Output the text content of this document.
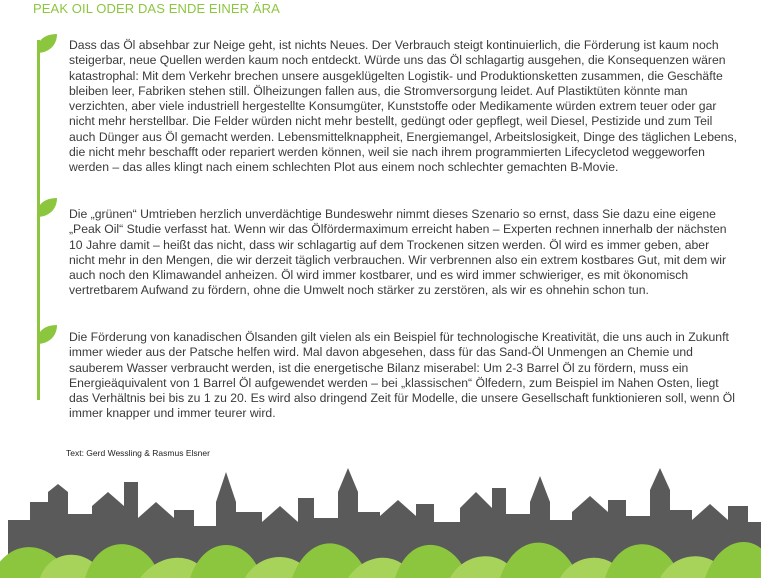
PEAK OIL ODER DAS ENDE EINER ÄRA

Dass das Öl absehbar zur Neige geht, ist nichts Neues. Der Verbrauch steigt kontinuierlich, die Förderung ist kaum noch steigerbar, neue Quellen werden kaum noch entdeckt. Würde uns das Öl schlagartig ausgehen, die Konsequenzen wären katastrophal: Mit dem Verkehr brechen unsere ausgeklügelten Logistik- und Produktionsketten zusammen, die Geschäfte bleiben leer, Fabriken stehen still. Ölheizungen fallen aus, die Stromversorgung leidet. Auf Plastiktüten könnte man verzichten, aber viele industriell hergestellte Konsumgüter, Kunststoffe oder Medikamente würden extrem teuer oder gar nicht mehr herstellbar. Die Felder würden nicht mehr bestellt, gedüngt oder gepflegt, weil Diesel, Pestizide und zum Teil auch Dünger aus Öl gemacht werden. Lebensmittelknappheit, Energiemangel, Arbeitslosigkeit, Dinge des täglichen Lebens, die nicht mehr beschafft oder repariert werden können, weil sie nach ihrem programmierten Lifecycletod weggeworfen werden – das alles klingt nach einem schlechten Plot aus einem noch schlechter gemachten B-Movie.

Die „grünen“ Umtrieben herzlich unverdächtige Bundeswehr nimmt dieses Szenario so ernst, dass Sie dazu eine eigene „Peak Oil“ Studie verfasst hat. Wenn wir das Ölfördermaximum erreicht haben – Experten rechnen innerhalb der nächsten 10 Jahre damit – heißt das nicht, dass wir schlagartig auf dem Trockenen sitzen werden. Öl wird es immer geben, aber nicht mehr in den Mengen, die wir derzeit täglich verbrauchen. Wir verbrennen also ein extrem kostbares Gut, mit dem wir auch noch den Klimawandel anheizen. Öl wird immer kostbarer, und es wird immer schwieriger, es mit ökonomisch vertretbarem Aufwand zu fördern, ohne die Umwelt noch stärker zu zerstören, als wir es ohnehin schon tun.

Die Förderung von kanadischen Ölsanden gilt vielen als ein Beispiel für technologische Kreativität, die uns auch in Zukunft immer wieder aus der Patsche helfen wird. Mal davon abgesehen, dass für das Sand-Öl Unmengen an Chemie und sauberem Wasser verbraucht werden, ist die energetische Bilanz miserabel: Um 2-3 Barrel Öl zu fördern, muss ein Energieäquivalent von 1 Barrel Öl aufgewendet werden – bei „klassischen“ Ölfedern, zum Beispiel im Nahen Osten, liegt das Verhältnis bei bis zu 1 zu 20. Es wird also dringend Zeit für Modelle, die unsere Gesellschaft funktionieren soll, wenn Öl immer knapper und immer teurer wird.

Text: Gerd Wessling & Rasmus Elsner
